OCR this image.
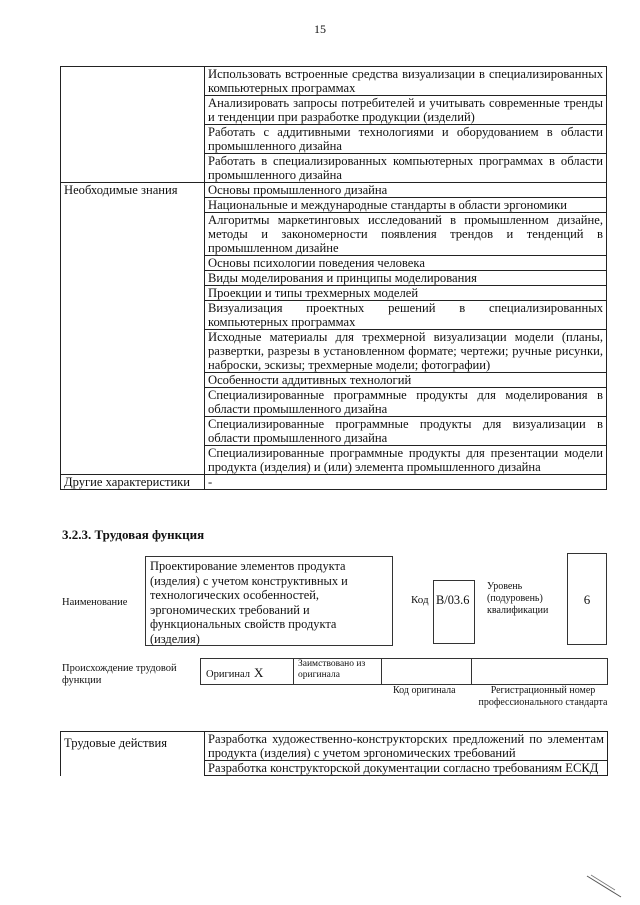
15
	Использовать встроенные средства визуализации в специализированных компьютерных программах
	Анализировать запросы потребителей и учитывать современные тренды и тенденции при разработке продукции (изделий)
	Работать с аддитивными технологиями и оборудованием в области промышленного дизайна
	Работать в специализированных компьютерных программах в области промышленного дизайна
Необходимые знания	Основы промышленного дизайна
	Национальные и международные стандарты в области эргономики
	Алгоритмы маркетинговых исследований в промышленном дизайне, методы и закономерности появления трендов и тенденций в промышленном дизайне
	Основы психологии поведения человека
	Виды моделирования и принципы моделирования
	Проекции и типы трехмерных моделей
	Визуализация проектных решений в специализированных компьютерных программах
	Исходные материалы для трехмерной визуализации модели (планы, развертки, разрезы в установленном формате; чертежи; ручные рисунки, наброски, эскизы; трехмерные модели; фотографии)
	Особенности аддитивных технологий
	Специализированные программные продукты для моделирования в области промышленного дизайна
	Специализированные программные продукты для визуализации в области промышленного дизайна
	Специализированные программные продукты для презентации модели продукта (изделия) и (или) элемента промышленного дизайна
Другие характеристики	-
3.2.3. Трудовая функция
Наименование
Проектирование элементов продукта (изделия) с учетом конструктивных и технологических особенностей, эргономических требований и функциональных свойств продукта (изделия)
Код B/03.6
Уровень (подуровень) квалификации
6
Происхождение трудовой функции
Оригинал X
Заимствовано из оригинала
Код оригинала	Регистрационный номер профессионального стандарта
Трудовые действия	Разработка художественно-конструкторских предложений по элементам продукта (изделия) с учетом эргономических требований
	Разработка конструкторской документации согласно требованиям ЕСКД
